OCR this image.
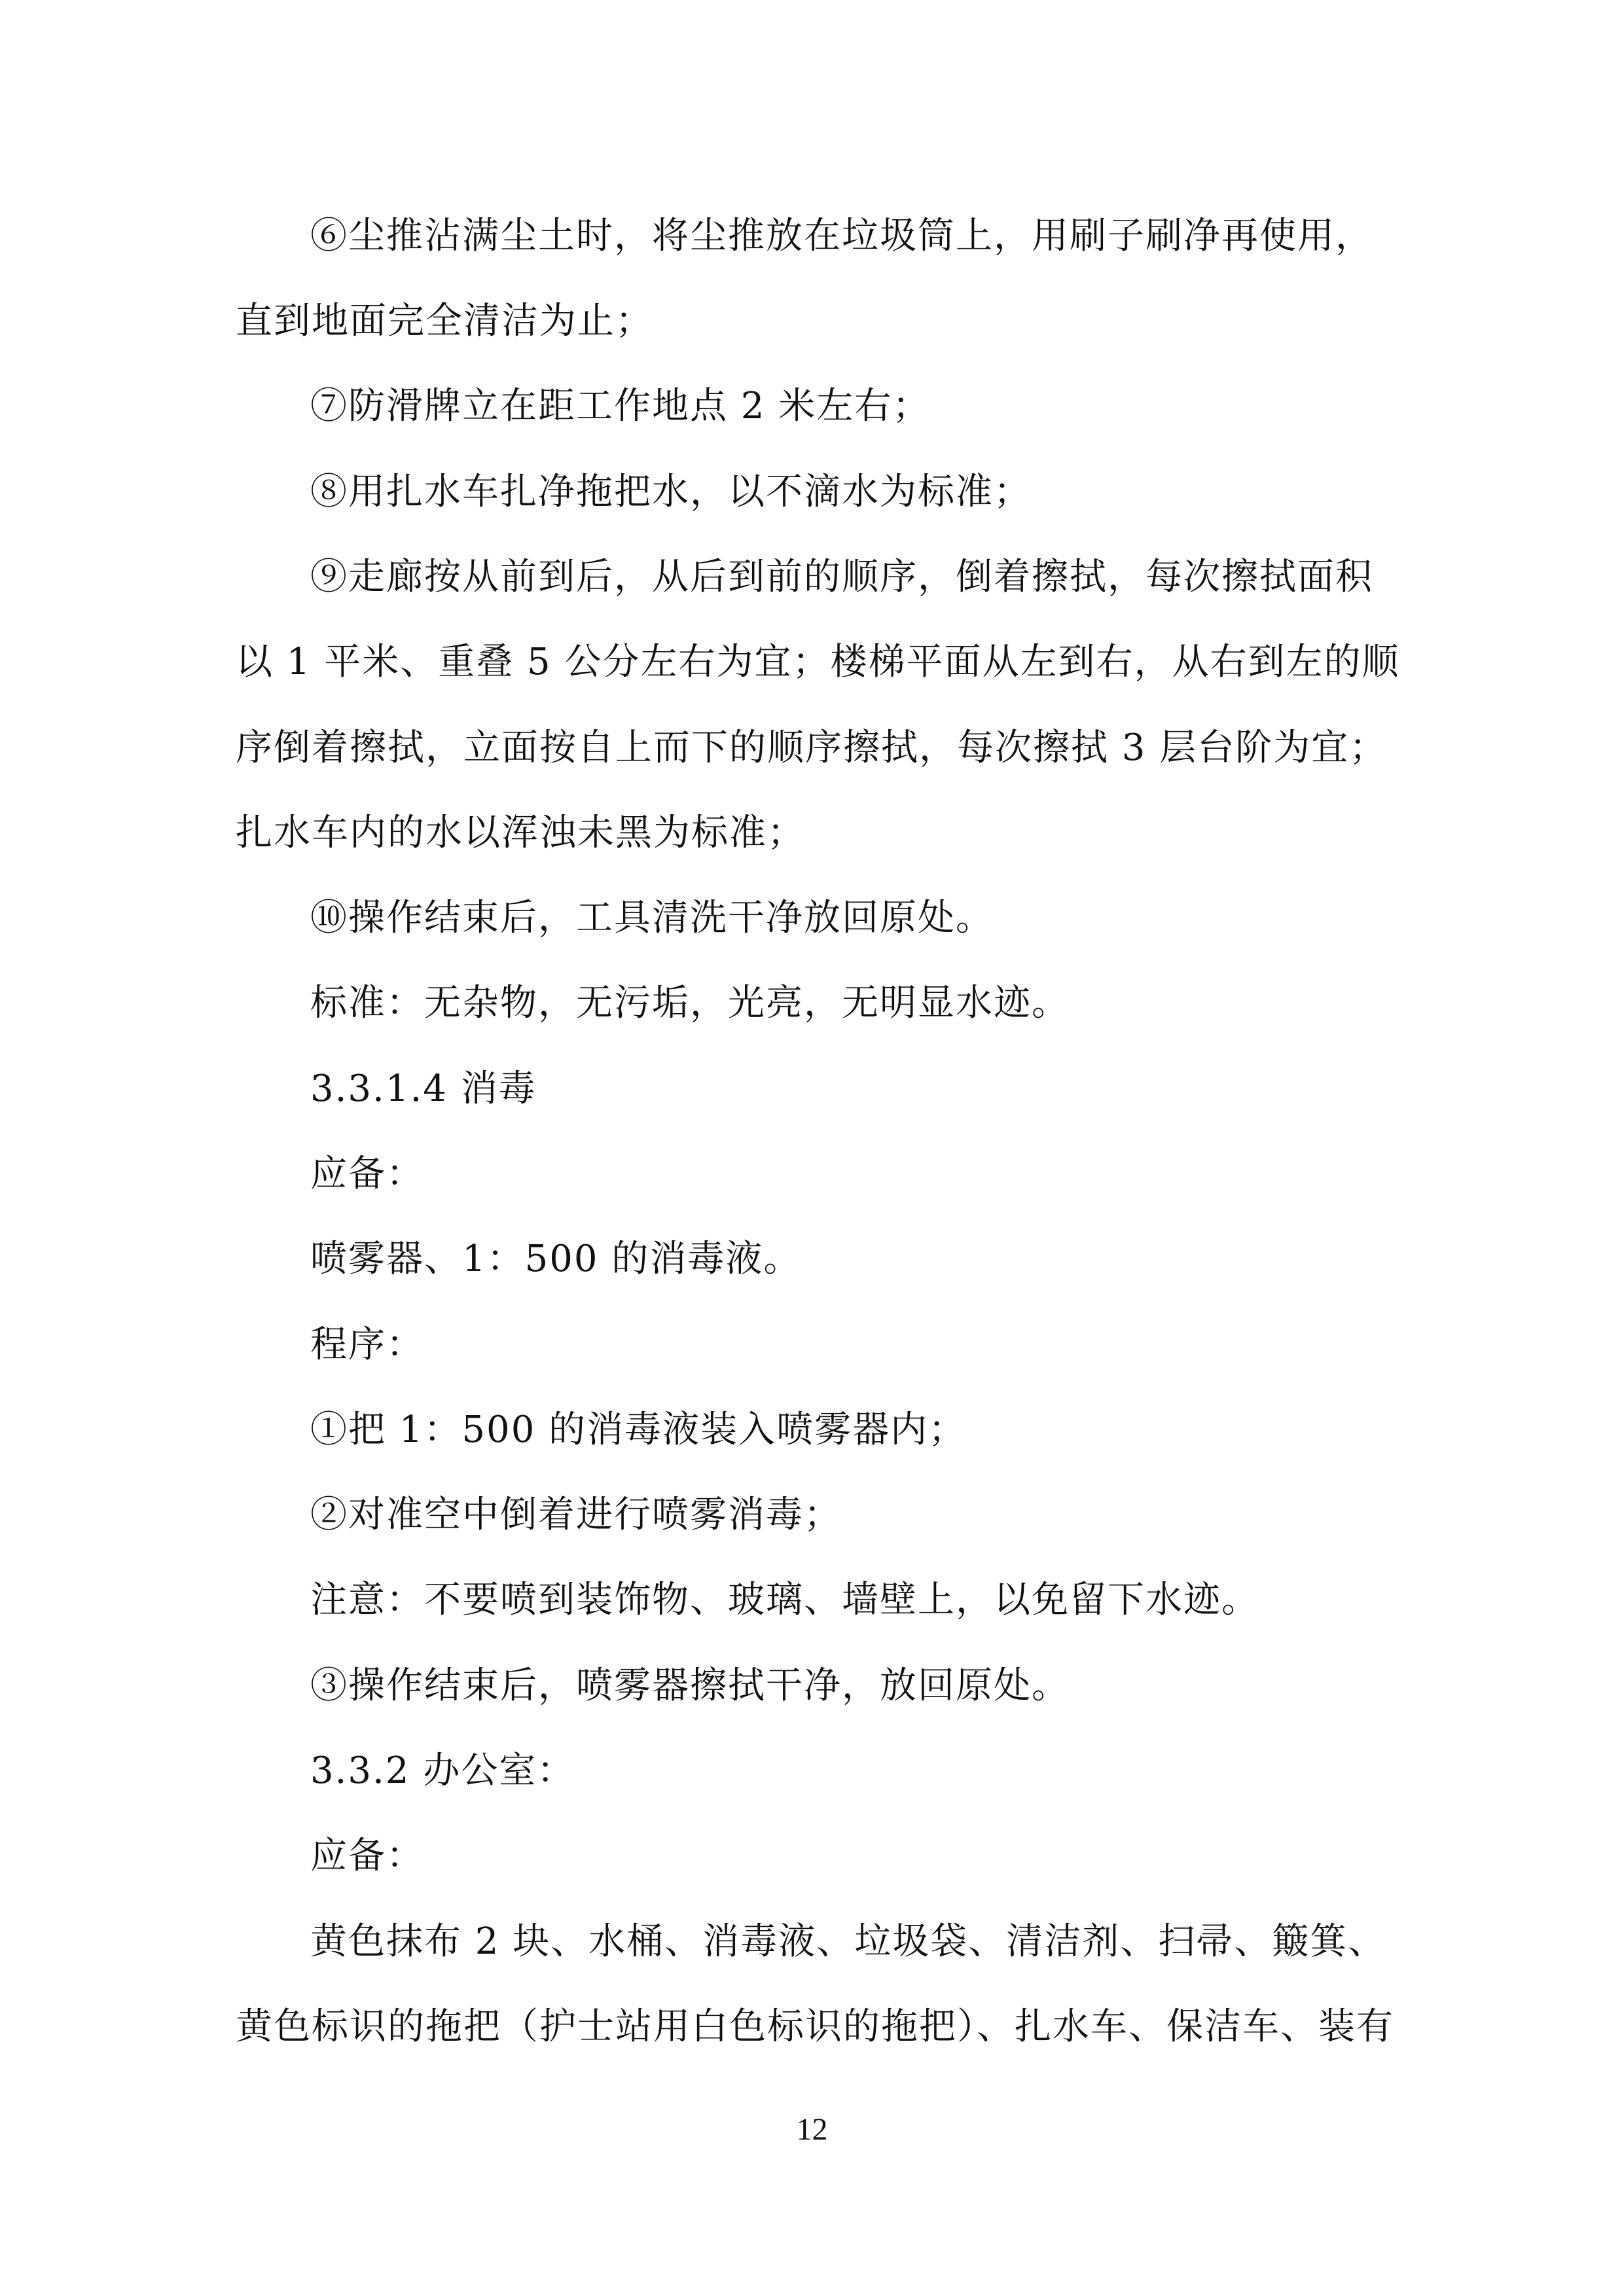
⑥尘推沾满尘土时，将尘推放在垃圾筒上，用刷子刷净再使用，
直到地面完全清洁为止；
⑦防滑牌立在距工作地点 2 米左右；
⑧用扎水车扎净拖把水，以不滴水为标准；
⑨走廊按从前到后，从后到前的顺序，倒着擦拭，每次擦拭面积
以 1 平米、重叠 5 公分左右为宜；楼梯平面从左到右，从右到左的顺
序倒着擦拭，立面按自上而下的顺序擦拭，每次擦拭 3 层台阶为宜；
扎水车内的水以浑浊未黑为标准；
⑩操作结束后，工具清洗干净放回原处。
标准：无杂物，无污垢，光亮，无明显水迹。
3.3.1.4 消毒
应备：
喷雾器、1：500 的消毒液。
程序：
①把 1：500 的消毒液装入喷雾器内；
②对准空中倒着进行喷雾消毒；
注意：不要喷到装饰物、玻璃、墙壁上，以免留下水迹。
③操作结束后，喷雾器擦拭干净，放回原处。
3.3.2 办公室：
应备：
黄色抹布 2 块、水桶、消毒液、垃圾袋、清洁剂、扫帚、簸箕、
黄色标识的拖把（护士站用白色标识的拖把）、扎水车、保洁车、装有
12
